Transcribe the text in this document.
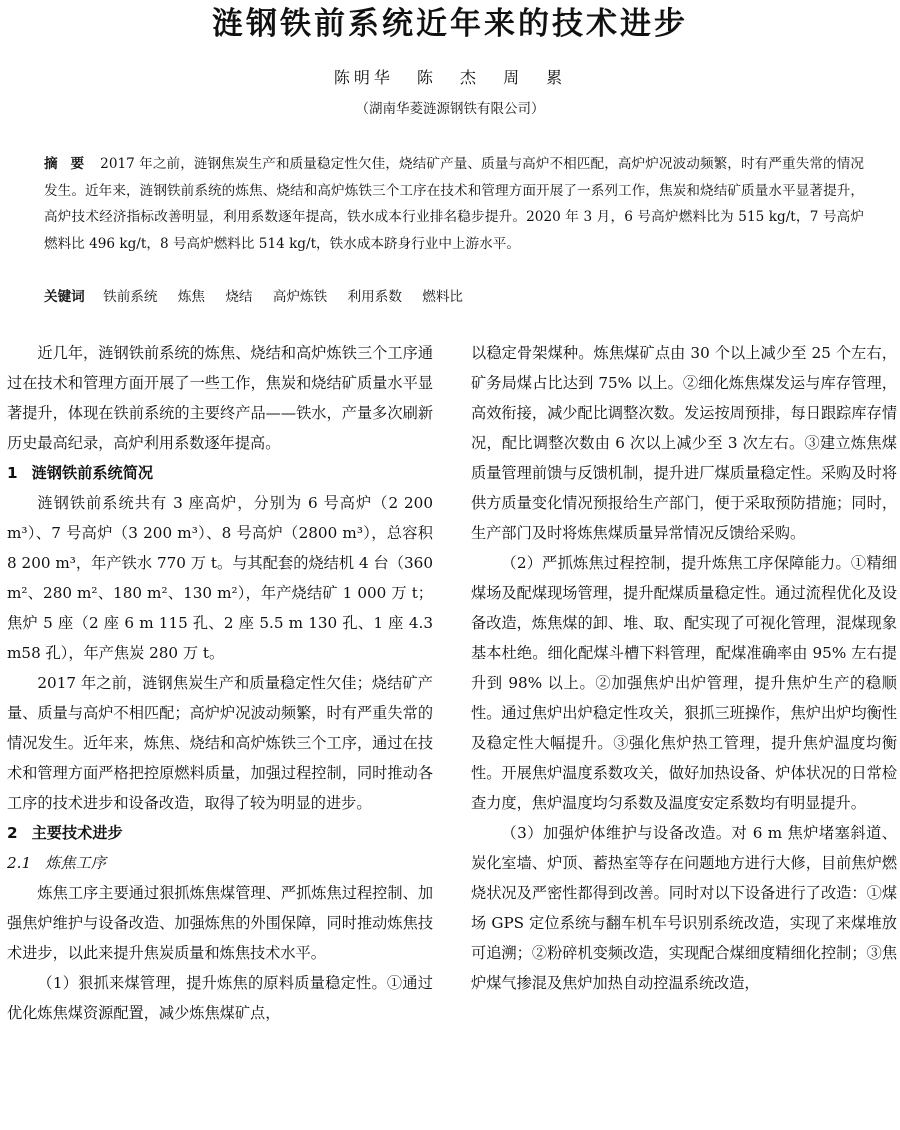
涟钢铁前系统近年来的技术进步
陈明华 陈 杰 周 累
（湖南华菱涟源钢铁有限公司）

摘 要 2017 年之前，涟钢焦炭生产和质量稳定性欠佳，烧结矿产量、质量与高炉不相匹配，高炉炉况波动频繁，时有严重失常的情况发生。近年来，涟钢铁前系统的炼焦、烧结和高炉炼铁三个工序在技术和管理方面开展了一系列工作，焦炭和烧结矿质量水平显著提升，高炉技术经济指标改善明显，利用系数逐年提高，铁水成本行业排名稳步提升。2020 年 3 月，6 号高炉燃料比为 515 kg/t，7 号高炉燃料比 496 kg/t，8 号高炉燃料比 514 kg/t，铁水成本跻身行业中上游水平。

关键词 铁前系统 炼焦 烧结 高炉炼铁 利用系数 燃料比

近几年，涟钢铁前系统的炼焦、烧结和高炉炼铁三个工序通过在技术和管理方面开展了一些工作，焦炭和烧结矿质量水平显著提升，体现在铁前系统的主要终产品——铁水，产量多次刷新历史最高纪录，高炉利用系数逐年提高。

1 涟钢铁前系统简况

涟钢铁前系统共有 3 座高炉，分别为 6 号高炉（2 200 m³）、7 号高炉（3 200 m³）、8 号高炉（2800 m³），总容积 8 200 m³，年产铁水 770 万 t。与其配套的烧结机 4 台（360 m²、280 m²、180 m²、130 m²），年产烧结矿 1 000 万 t；焦炉 5 座（2 座 6 m 115 孔、2 座 5.5 m 130 孔、1 座 4.3 m58 孔），年产焦炭 280 万 t。

2017 年之前，涟钢焦炭生产和质量稳定性欠佳；烧结矿产量、质量与高炉不相匹配；高炉炉况波动频繁，时有严重失常的情况发生。近年来，炼焦、烧结和高炉炼铁三个工序，通过在技术和管理方面严格把控原燃料质量，加强过程控制，同时推动各工序的技术进步和设备改造，取得了较为明显的进步。

2 主要技术进步
2.1 炼焦工序

炼焦工序主要通过狠抓炼焦煤管理、严抓炼焦过程控制、加强焦炉维护与设备改造、加强炼焦的外围保障，同时推动炼焦技术进步，以此来提升焦炭质量和炼焦技术水平。

（1）狠抓来煤管理，提升炼焦的原料质量稳定性。①通过优化炼焦煤资源配置，减少炼焦煤矿点，

以稳定骨架煤种。炼焦煤矿点由 30 个以上减少至 25 个左右，矿务局煤占比达到 75% 以上。②细化炼焦煤发运与库存管理，高效衔接，减少配比调整次数。发运按周预排，每日跟踪库存情况，配比调整次数由 6 次以上减少至 3 次左右。③建立炼焦煤质量管理前馈与反馈机制，提升进厂煤质量稳定性。采购及时将供方质量变化情况预报给生产部门，便于采取预防措施；同时，生产部门及时将炼焦煤质量异常情况反馈给采购。

（2）严抓炼焦过程控制，提升炼焦工序保障能力。①精细煤场及配煤现场管理，提升配煤质量稳定性。通过流程优化及设备改造，炼焦煤的卸、堆、取、配实现了可视化管理，混煤现象基本杜绝。细化配煤斗槽下料管理，配煤准确率由 95% 左右提升到 98% 以上。②加强焦炉出炉管理，提升焦炉生产的稳顺性。通过焦炉出炉稳定性攻关，狠抓三班操作，焦炉出炉均衡性及稳定性大幅提升。③强化焦炉热工管理，提升焦炉温度均衡性。开展焦炉温度系数攻关，做好加热设备、炉体状况的日常检查力度，焦炉温度均匀系数及温度安定系数均有明显提升。

（3）加强炉体维护与设备改造。对 6 m 焦炉堵塞斜道、炭化室墙、炉顶、蓄热室等存在问题地方进行大修，目前焦炉燃烧状况及严密性都得到改善。同时对以下设备进行了改造：①煤场 GPS 定位系统与翻车机车号识别系统改造，实现了来煤堆放可追溯；②粉碎机变频改造，实现配合煤细度精细化控制；③焦炉煤气掺混及焦炉加热自动控温系统改造，
